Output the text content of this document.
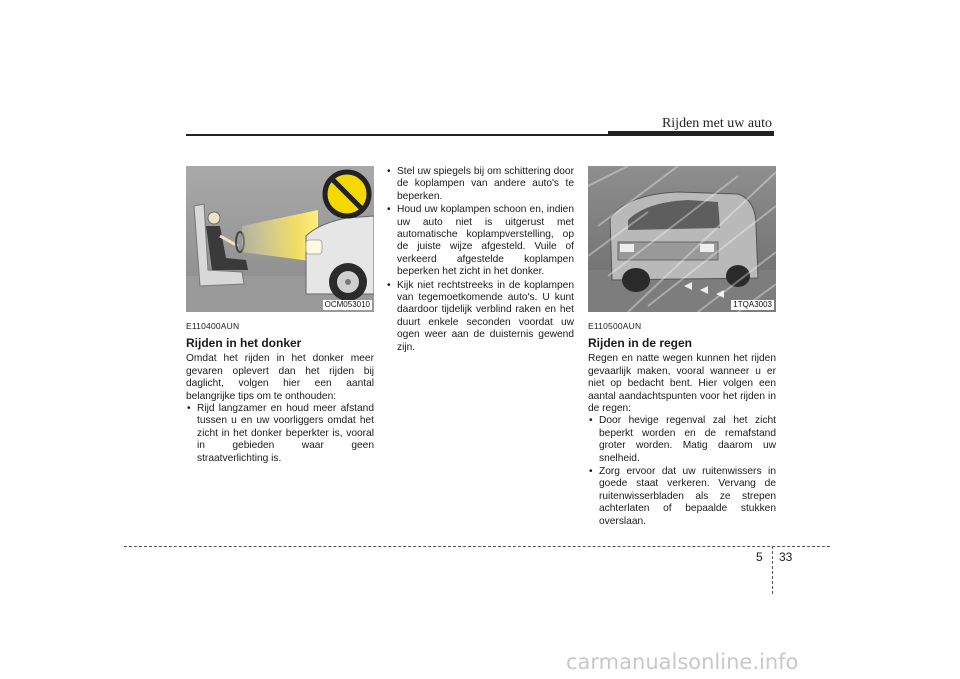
Rijden met uw auto
OCM053010
E110400AUN
Rijden in het donker

Omdat het rijden in het donker meer gevaren oplevert dan het rijden bij daglicht, volgen hier een aantal belangrijke tips om te onthouden:

• Rijd langzamer en houd meer afstand tussen u en uw voorliggers omdat het zicht in het donker beperkter is, vooral in gebieden waar geen straatverlichting is.
• Stel uw spiegels bij om schittering door de koplampen van andere auto's te beperken.
• Houd uw koplampen schoon en, indien uw auto niet is uitgerust met automatische koplampverstelling, op de juiste wijze afgesteld. Vuile of verkeerd afgestelde koplampen beperken het zicht in het donker.
• Kijk niet rechtstreeks in de koplampen van tegemoetkomende auto's. U kunt daardoor tijdelijk verblind raken en het duurt enkele seconden voordat uw ogen weer aan de duisternis gewend zijn.
1TQA3003
E110500AUN
Rijden in de regen

Regen en natte wegen kunnen het rijden gevaarlijk maken, vooral wanneer u er niet op bedacht bent. Hier volgen een aantal aandachtspunten voor het rijden in de regen:

• Door hevige regenval zal het zicht beperkt worden en de remafstand groter worden. Matig daarom uw snelheid.
• Zorg ervoor dat uw ruitenwissers in goede staat verkeren. Vervang de ruitenwisserbladen als ze strepen achterlaten of bepaalde stukken overslaan.
5 33
carmanualsonline.info
